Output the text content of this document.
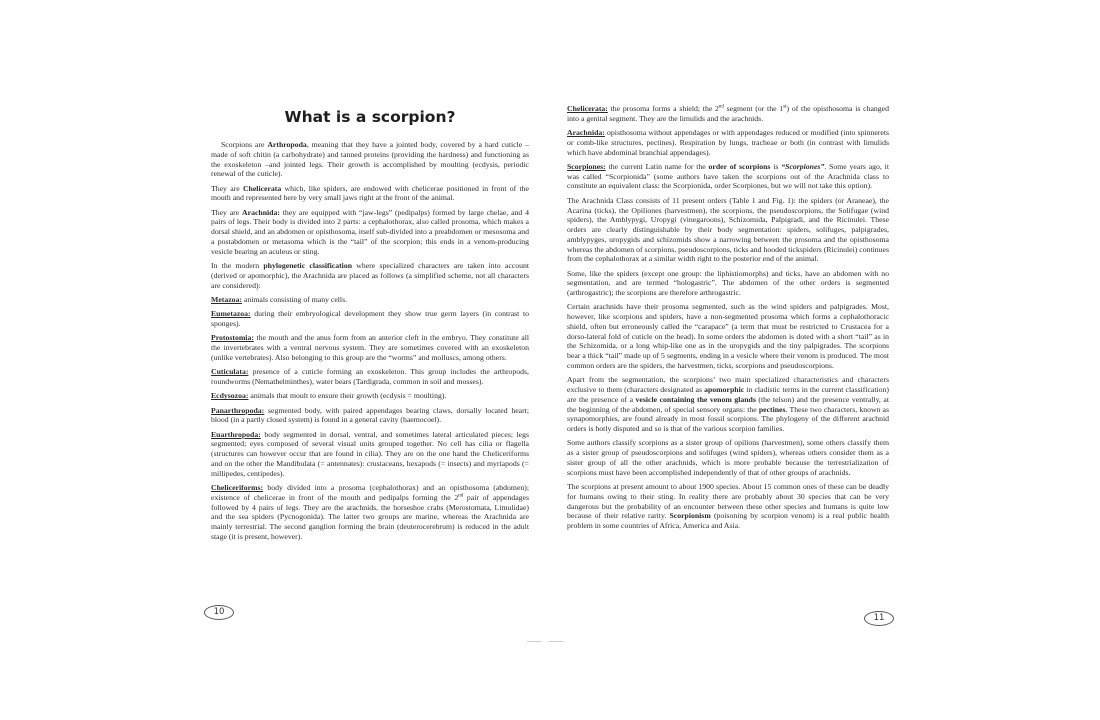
What is a scorpion?

Scorpions are Arthropoda, meaning that they have a jointed body, covered by a hard cuticle –made of soft chitin (a carbohydrate) and tanned proteins (providing the hardness) and functioning as the exoskeleton –and jointed legs. Their growth is accomplished by moulting (ecdysis, periodic renewal of the cuticle).

They are Chelicerata which, like spiders, are endowed with chelicerae positioned in front of the mouth and represented here by very small jaws right at the front of the animal.

They are Arachnida: they are equipped with “jaw-legs” (pedipalps) formed by large chelae, and 4 pairs of legs. Their body is divided into 2 parts: a cephalothorax, also called prosoma, which makes a dorsal shield, and an abdomen or opisthosoma, itself sub-divided into a preabdomen or mesosoma and a postabdomen or metasoma which is the “tail” of the scorpion; this ends in a venom-producing vesicle bearing an aculeus or sting.

In the modern phylogenetic classification where specialized characters are taken into account (derived or apomorphic), the Arachnida are placed as follows (a simplified scheme, not all characters are considered):

Metazoa: animals consisting of many cells.

Eumetazoa: during their embryological development they show true germ layers (in contrast to sponges).

Protostomia: the mouth and the anus form from an anterior cleft in the embryo. They constitute all the invertebrates with a ventral nervous system. They are sometimes covered with an exoskeleton (unlike vertebrates). Also belonging to this group are the “worms” and molluscs, among others.

Cuticulata: presence of a cuticle forming an exoskeleton. This group includes the arthropods, roundworms (Nemathelminthes), water bears (Tardigrada, common in soil and mosses).

Ecdysozoa: animals that moult to ensure their growth (ecdysis = moulting).

Panarthropoda: segmented body, with paired appendages bearing claws, dorsally located heart; blood (in a partly closed system) is found in a general cavity (haemocoel).

Euarthropoda: body segmented in dorsal, ventral, and sometimes lateral articulated pieces; legs segmented; eyes composed of several visual units grouped together. No cell has cilia or flagella (structures can however occur that are found in cilia). They are on the one hand the Cheliceriforms and on the other the Mandibulata (= antennates): crustaceans, hexapods (= insects) and myriapods (= millipedes, centipedes).

Cheliceriforms: body divided into a prosoma (cephalothorax) and an opisthosoma (abdomen); existence of chelicerae in front of the mouth and pedipalps forming the 2nd pair of appendages followed by 4 pairs of legs. They are the arachnids, the horseshoe crabs (Merostomata, Limulidae) and the sea spiders (Pycnogonida). The latter two groups are marine, whereas the Arachnida are mainly terrestrial. The second ganglion forming the brain (deuterocerebrum) is reduced in the adult stage (it is present, however).

Chelicerata: the prosoma forms a shield; the 2nd segment (or the 1st) of the opisthosoma is changed into a genital segment. They are the limulids and the arachnids.

Arachnida: opisthosoma without appendages or with appendages reduced or modified (into spinnerets or comb-like structures, pectines). Respiration by lungs, tracheae or both (in contrast with limulids which have abdominal branchial appendages).

Scorpiones: the current Latin name for the order of scorpions is “Scorpiones”. Some years ago, it was called “Scorpionida” (some authors have taken the scorpions out of the Arachnida class to constitute an equivalent class: the Scorpionida, order Scorpiones, but we will not take this option).

The Arachnida Class consists of 11 present orders (Table 1 and Fig. 1): the spiders (or Araneae), the Acarina (ticks), the Opiliones (harvestmen), the scorpions, the pseudoscorpions, the Solifugae (wind spiders), the Amblypygi, Uropygi (vinegaroons), Schizomida, Palpigradi, and the Ricinulei. These orders are clearly distinguishable by their body segmentation: spiders, solifuges, palpigrades, amblypyges, uropygids and schizomids show a narrowing between the prosoma and the opisthosoma whereas the abdomen of scorpions, pseudoscorpions, ticks and hooded tickspiders (Ricinulei) continues from the cephalothorax at a similar width right to the posterior end of the animal.

Some, like the spiders (except one group: the liphistiomorphs) and ticks, have an abdomen with no segmentation, and are termed “hologastric”. The abdomen of the other orders is segmented (arthrogastric); the scorpions are therefore arthrogastric.

Certain arachnids have their prosoma segmented, such as the wind spiders and palpigrades. Most, however, like scorpions and spiders, have a non-segmented prosoma which forms a cephalothoracic shield, often but erroneously called the “carapace” (a term that must be restricted to Crustacea for a dorso-lateral fold of cuticle on the head). In some orders the abdomen is doted with a short “tail” as in the Schizomida, or a long whip-like one as in the uropygids and the tiny palpigrades. The scorpions bear a thick “tail” made up of 5 segments, ending in a vesicle where their venom is produced. The most common orders are the spiders, the harvestmen, ticks, scorpions and pseudoscorpions.

Apart from the segmentation, the scorpions’ two main specialized characteristics and characters exclusive to them (characters designated as apomorphic in cladistic terms in the current classification) are the presence of a vesicle containing the venom glands (the telson) and the presence ventrally, at the beginning of the abdomen, of special sensory organs: the pectines. These two characters, known as synapomorphies, are found already in most fossil scorpions. The phylogeny of the different arachnid orders is hotly disputed and so is that of the various scorpion families.

Some authors classify scorpions as a sister group of opilions (harvestmen), some others classify them as a sister group of pseudoscorpions and solifuges (wind spiders), whereas others consider them as a sister group of all the other arachnids, which is more probable because the terrestrialization of scorpions must have been accomplished independently of that of other groups of arachnids.

The scorpions at present amount to about 1900 species. About 15 common ones of these can be deadly for humans owing to their sting. In reality there are probably about 30 species that can be very dangerous but the probability of an encounter between these other species and humans is quite low because of their relative rarity. Scorpionism (poisoning by scorpion venom) is a real public health problem in some countries of Africa, America and Asia.

10
11
